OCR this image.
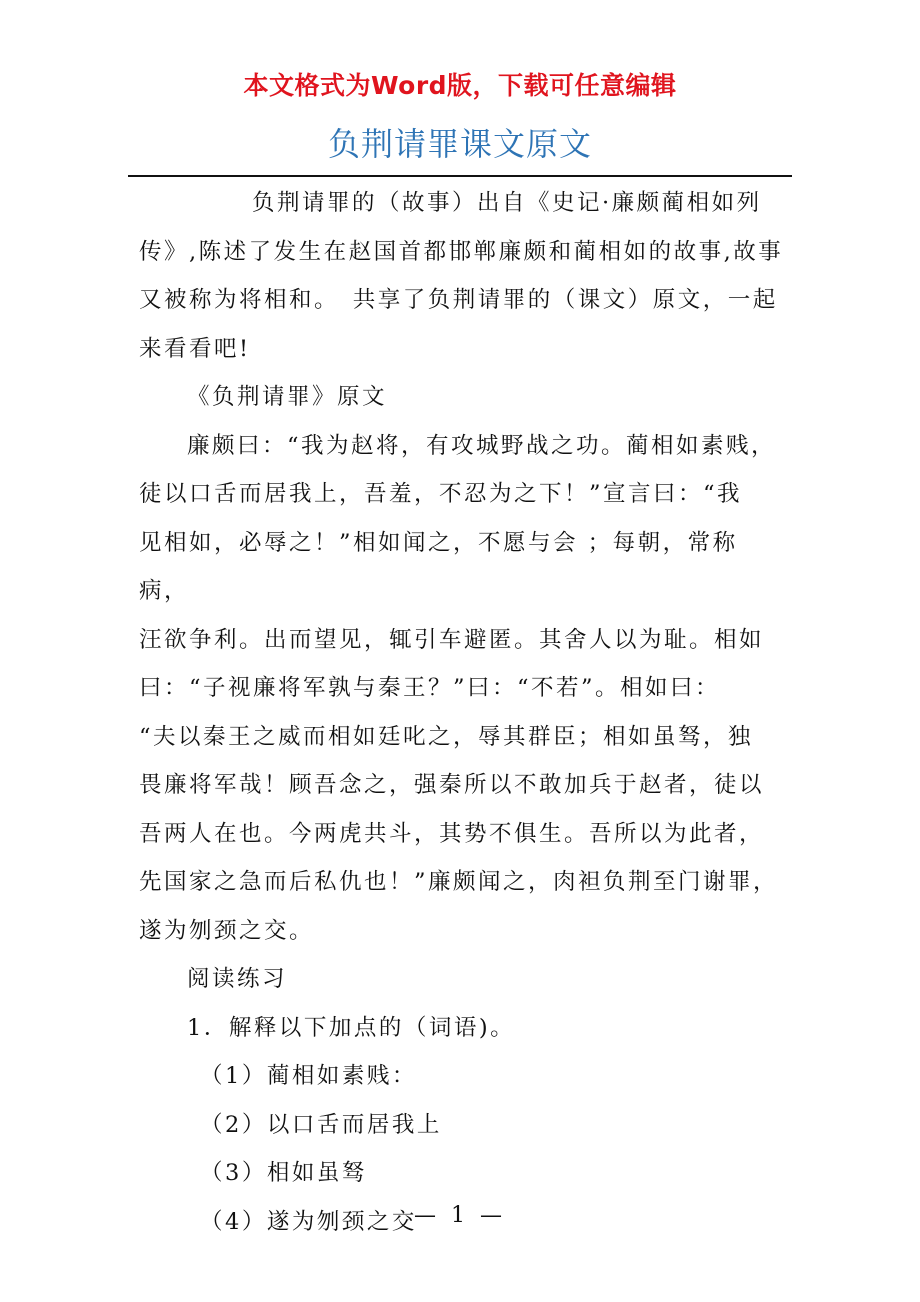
本文格式为Word版，下载可任意编辑
负荆请罪课文原文

负荆请罪的（故事）出自《史记·廉颇蔺相如列传》,陈述了发生在赵国首都邯郸廉颇和蔺相如的故事,故事又被称为将相和。　共享了负荆请罪的（课文）原文，一起来看看吧!

《负荆请罪》原文

廉颇曰：“我为赵将，有攻城野战之功。蔺相如素贱，

徒以口舌而居我上，吾羞，不忍为之下！”宣言曰：“我

见相如，必辱之！”相如闻之，不愿与会 ；每朝，常称病，

汪欲争利。出而望见，辄引车避匿。其舍人以为耻。相如

曰：“子视廉将军孰与秦王？”曰：“不若”。相如曰：

“夫以秦王之威而相如廷叱之，辱其群臣；相如虽驽，独

畏廉将军哉！顾吾念之，强秦所以不敢加兵于赵者，徒以

吾两人在也。今两虎共斗，其势不俱生。吾所以为此者，

先国家之急而后私仇也！”廉颇闻之，肉袒负荆至门谢罪，

遂为刎颈之交。

阅读练习

1．解释以下加点的（词语)。

（1）蔺相如素贱：

（2）以口舌而居我上

（3）相如虽驽

（4）遂为刎颈之交

— 1 —
